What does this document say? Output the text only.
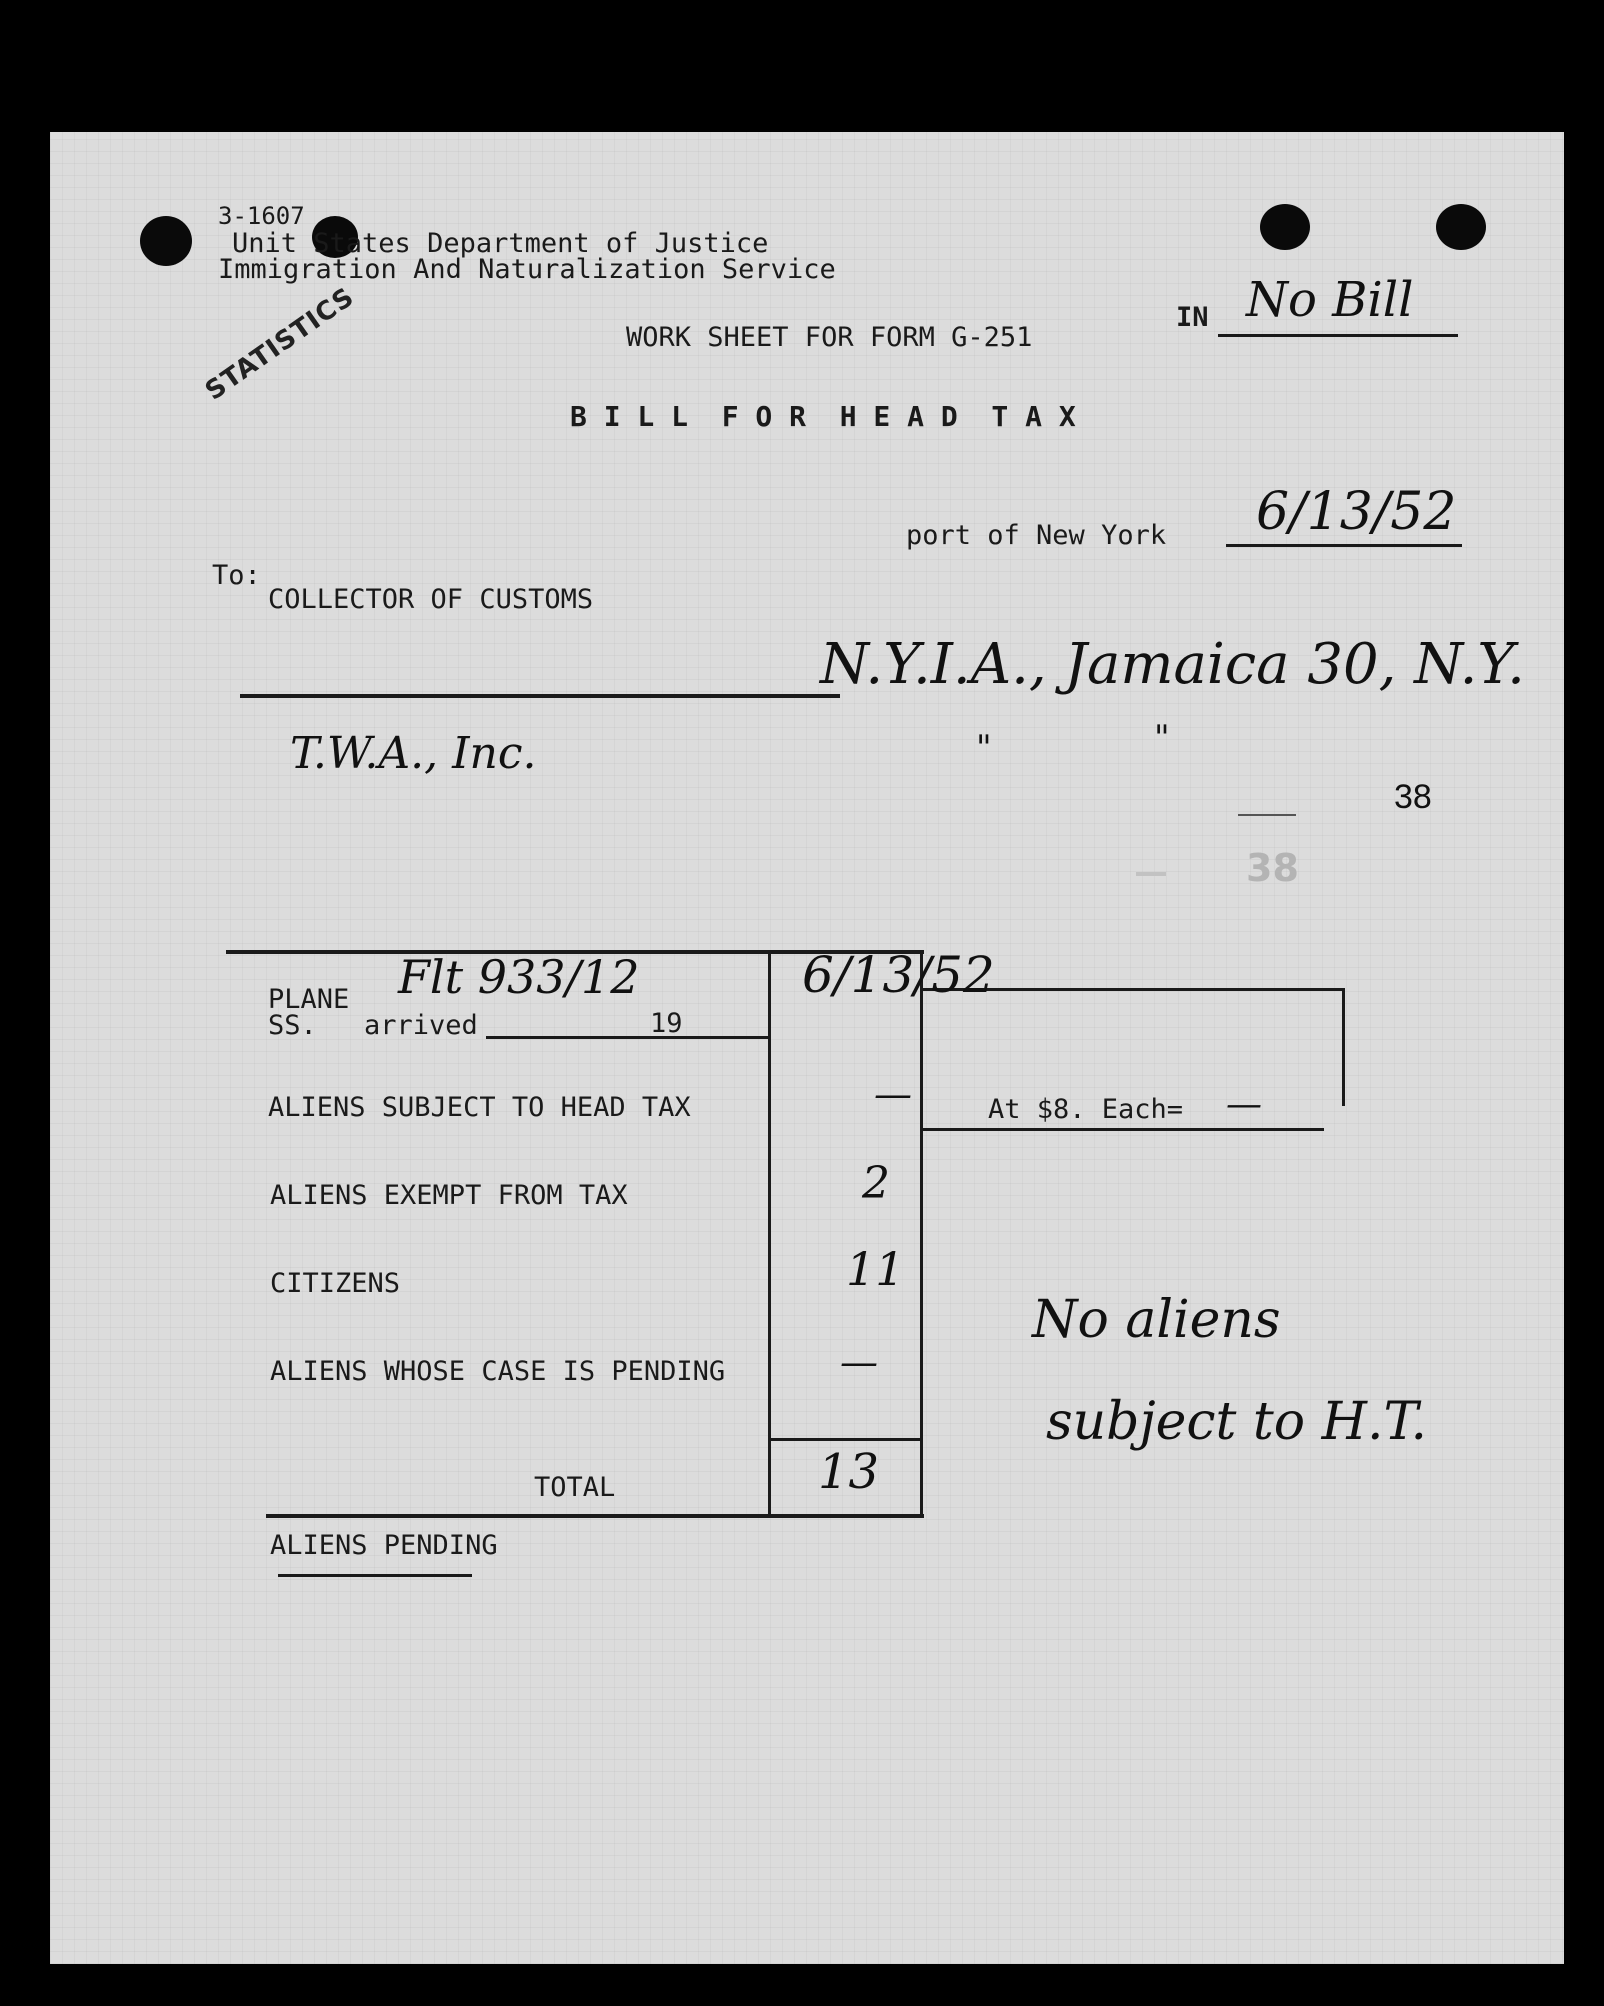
3-1607
Unit States Department of Justice
Immigration And Naturalization Service
STATISTICS	IN No Bill
WORK SHEET FOR FORM G-251
B I L L  F O R  H E A D  T A X
port of New York 6/13/52
To:
COLLECTOR OF CUSTOMS
N.Y.I.A., Jamaica 30, N.Y.
T.W.A., Inc.	"	"
38
38
PLANE Flt 933/12
SS. arrived	19
6/13/52
ALIENS SUBJECT TO HEAD TAX	—	At $8. Each= —
ALIENS EXEMPT FROM TAX	2
CITIZENS	11
ALIENS WHOSE CASE IS PENDING	—
TOTAL	13
ALIENS PENDING
No aliens
subject to H.T.
